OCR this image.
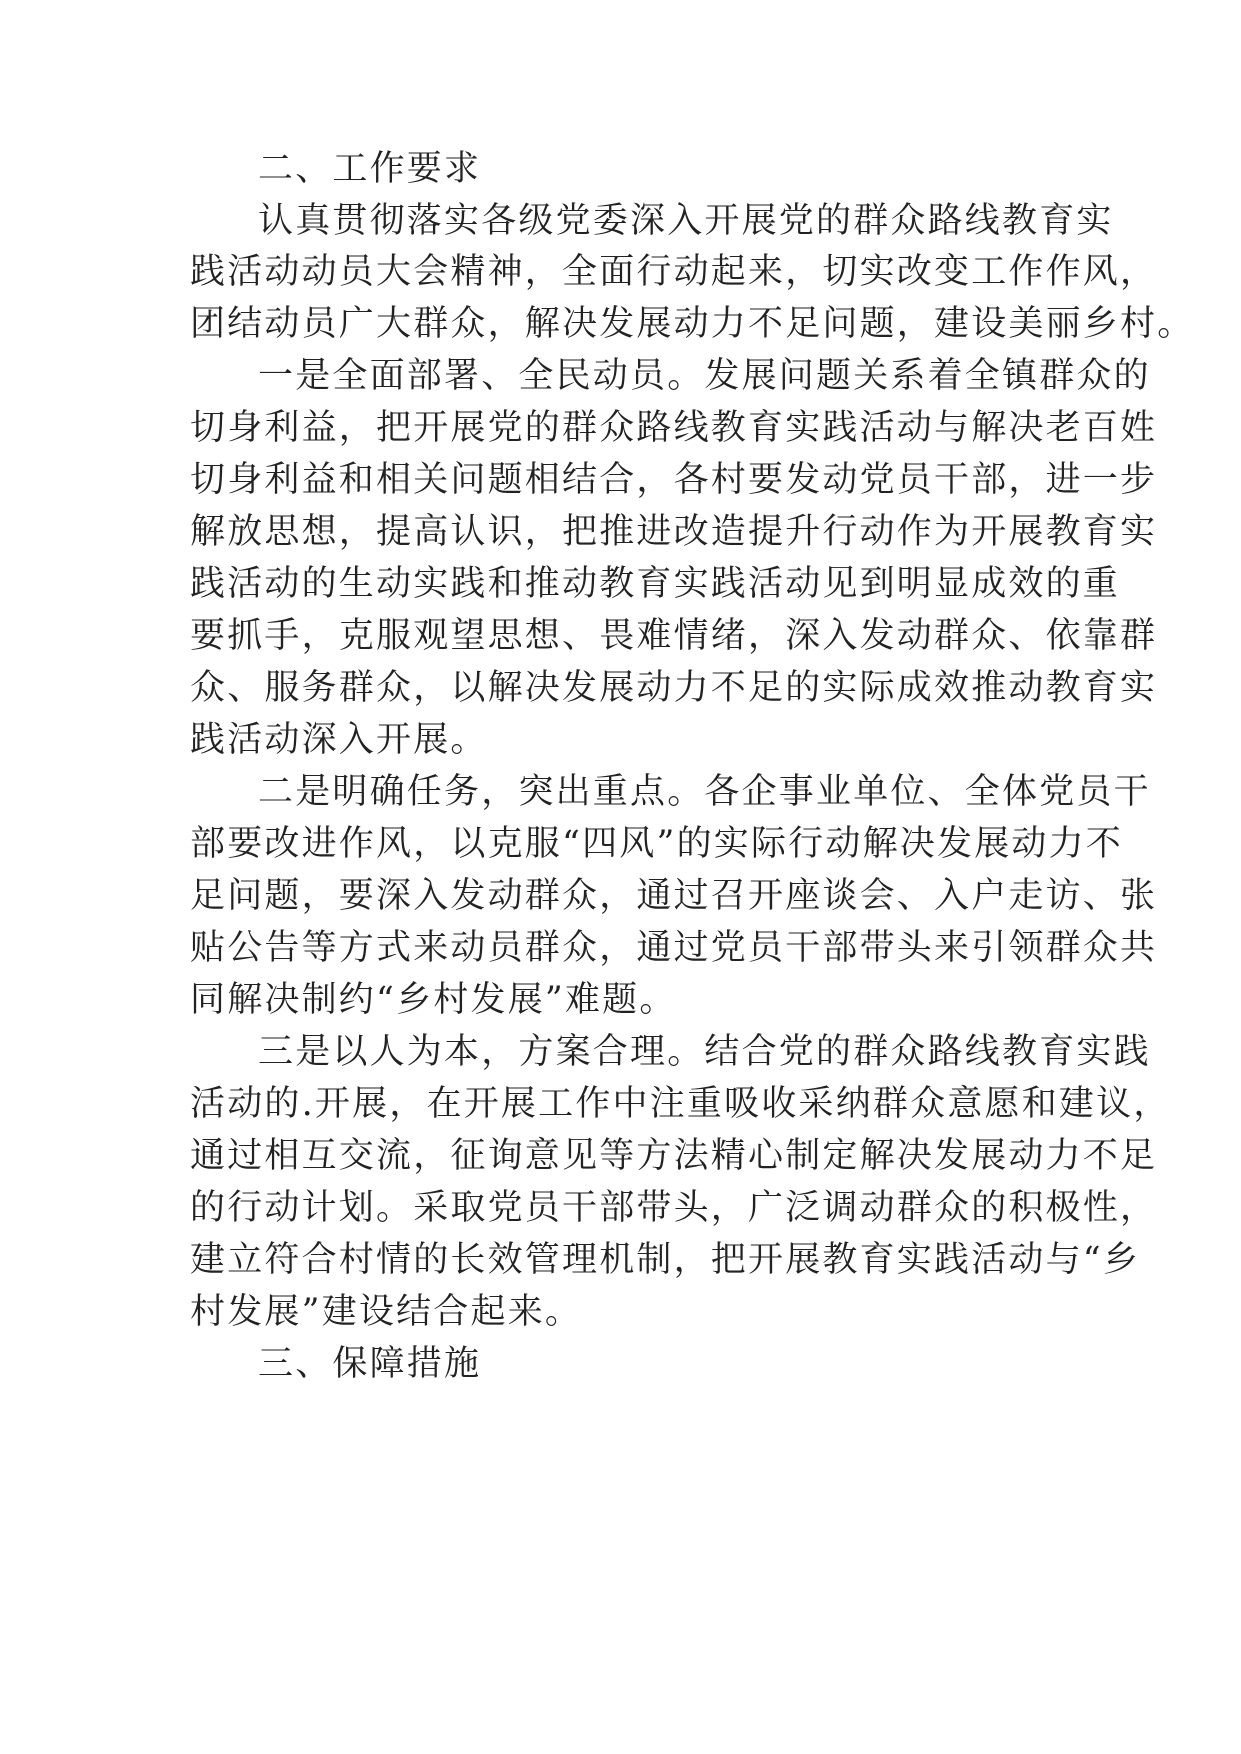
二、工作要求
认真贯彻落实各级党委深入开展党的群众路线教育实
践活动动员大会精神，全面行动起来，切实改变工作作风，
团结动员广大群众，解决发展动力不足问题，建设美丽乡村。
一是全面部署、全民动员。发展问题关系着全镇群众的
切身利益，把开展党的群众路线教育实践活动与解决老百姓
切身利益和相关问题相结合，各村要发动党员干部，进一步
解放思想，提高认识，把推进改造提升行动作为开展教育实
践活动的生动实践和推动教育实践活动见到明显成效的重
要抓手，克服观望思想、畏难情绪，深入发动群众、依靠群
众、服务群众，以解决发展动力不足的实际成效推动教育实
践活动深入开展。
二是明确任务，突出重点。各企事业单位、全体党员干
部要改进作风，以克服“四风”的实际行动解决发展动力不
足问题，要深入发动群众，通过召开座谈会、入户走访、张
贴公告等方式来动员群众，通过党员干部带头来引领群众共
同解决制约“乡村发展”难题。
三是以人为本，方案合理。结合党的群众路线教育实践
活动的.开展，在开展工作中注重吸收采纳群众意愿和建议，
通过相互交流，征询意见等方法精心制定解决发展动力不足
的行动计划。采取党员干部带头，广泛调动群众的积极性，
建立符合村情的长效管理机制，把开展教育实践活动与“乡
村发展”建设结合起来。
三、保障措施
